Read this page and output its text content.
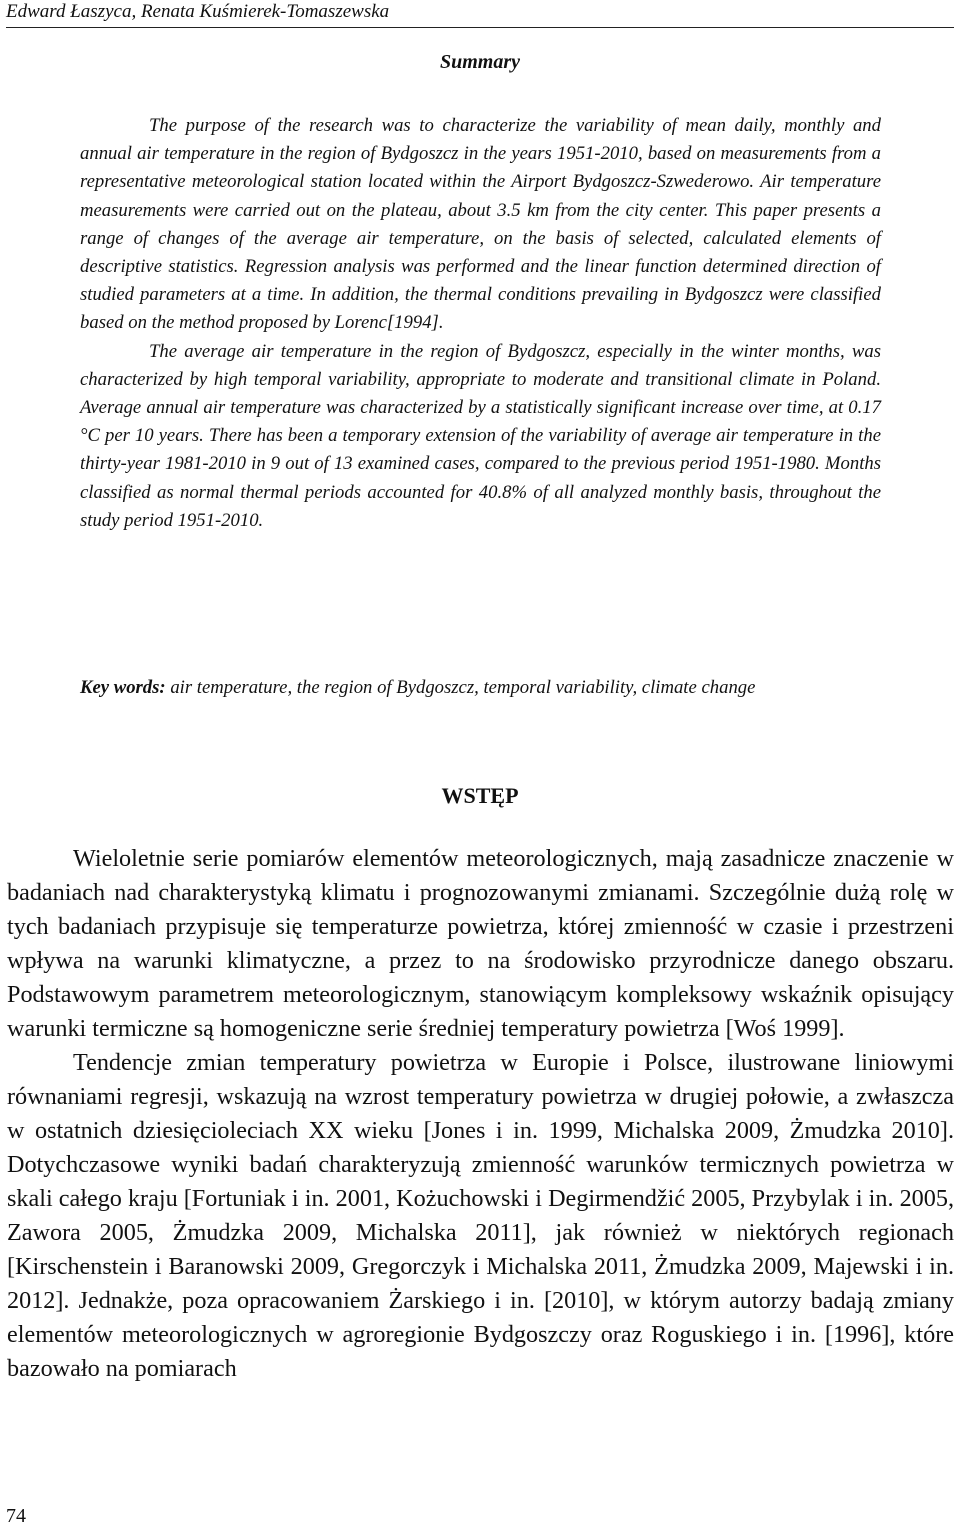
Edward Łaszyca, Renata Kuśmierek-Tomaszewska
Summary

The purpose of the research was to characterize the variability of mean daily, monthly and annual air temperature in the region of Bydgoszcz in the years 1951-2010, based on measurements from a representative meteorological station located within the Airport Bydgoszcz-Szwederowo. Air temperature measurements were carried out on the plateau, about 3.5 km from the city center. This paper presents a range of changes of the average air temperature, on the basis of selected, calculated elements of descriptive statistics. Regression analysis was performed and the linear function determined direction of studied parameters at a time. In addition, the thermal conditions prevailing in Bydgoszcz were classified based on the method proposed by Lorenc[1994].

The average air temperature in the region of Bydgoszcz, especially in the winter months, was characterized by high temporal variability, appropriate to moderate and transitional climate in Poland. Average annual air temperature was characterized by a statistically significant increase over time, at 0.17 °C per 10 years. There has been a temporary extension of the variability of average air temperature in the thirty-year 1981-2010 in 9 out of 13 examined cases, compared to the previous period 1951-1980. Months classified as normal thermal periods accounted for 40.8% of all analyzed monthly basis, throughout the study period 1951-2010.

Key words: air temperature, the region of Bydgoszcz, temporal variability, climate change
WSTĘP

Wieloletnie serie pomiarów elementów meteorologicznych, mają zasadnicze znaczenie w badaniach nad charakterystyką klimatu i prognozowanymi zmianami. Szczególnie dużą rolę w tych badaniach przypisuje się temperaturze powietrza, której zmienność w czasie i przestrzeni wpływa na warunki klimatyczne, a przez to na środowisko przyrodnicze danego obszaru. Podstawowym parametrem meteorologicznym, stanowiącym kompleksowy wskaźnik opisujący warunki termiczne są homogeniczne serie średniej temperatury powietrza [Woś 1999].

Tendencje zmian temperatury powietrza w Europie i Polsce, ilustrowane liniowymi równaniami regresji, wskazują na wzrost temperatury powietrza w drugiej połowie, a zwłaszcza w ostatnich dziesięcioleciach XX wieku [Jones i in. 1999, Michalska 2009, Żmudzka 2010]. Dotychczasowe wyniki badań charakteryzują zmienność warunków termicznych powietrza w skali całego kraju [Fortuniak i in. 2001, Kożuchowski i Degirmendžić 2005, Przybylak i in. 2005, Zawora 2005, Żmudzka 2009, Michalska 2011], jak również w niektórych regionach [Kirschenstein i Baranowski 2009, Gregorczyk i Michalska 2011, Żmudzka 2009, Majewski i in. 2012]. Jednakże, poza opracowaniem Żarskiego i in. [2010], w którym autorzy badają zmiany elementów meteorologicznych w agroregionie Bydgoszczy oraz Roguskiego i in. [1996], które bazowało na pomiarach

74
